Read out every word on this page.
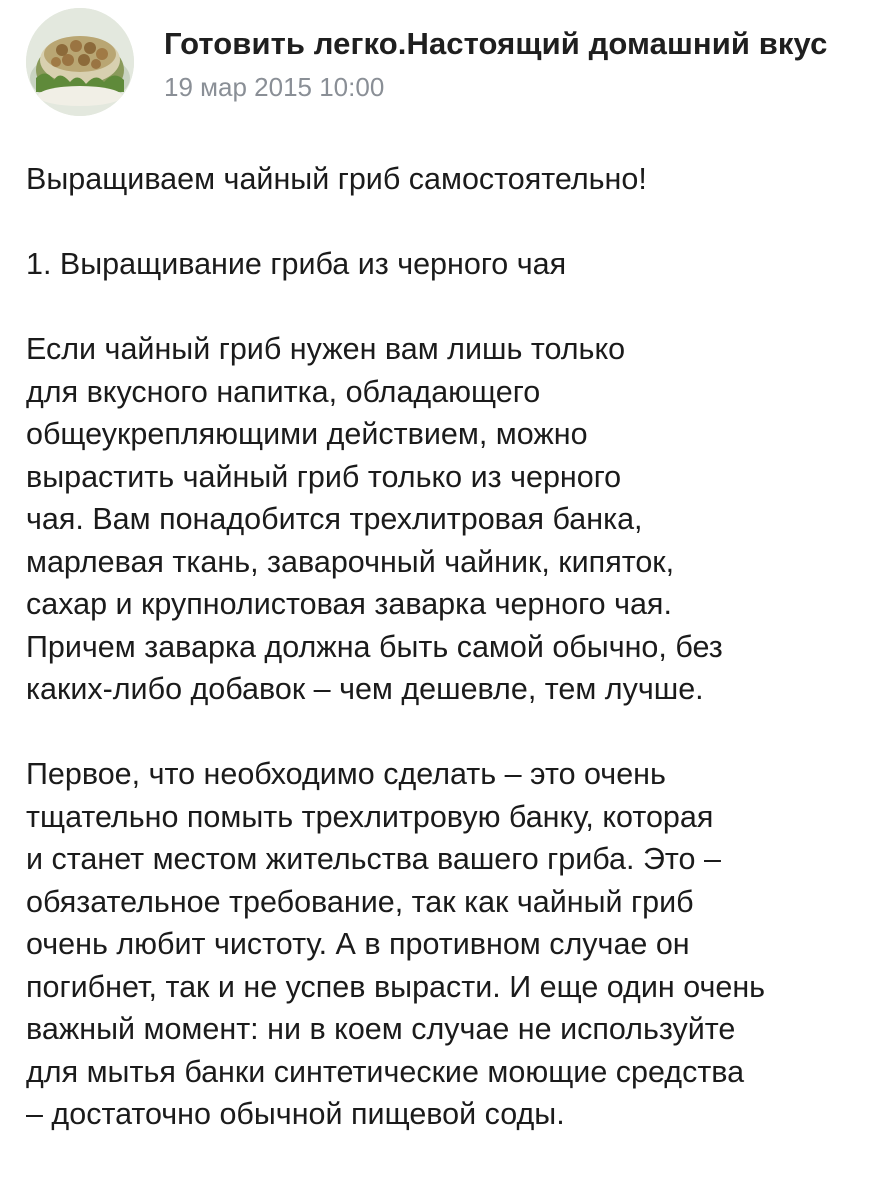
Готовить легко.Настоящий домашний вкус
19 мар 2015 10:00

Выращиваем чайный гриб самостоятельно!

1. Выращивание гриба из черного чая

Если чайный гриб нужен вам лишь только
для вкусного напитка, обладающего
общеукрепляющими действием, можно
вырастить чайный гриб только из черного
чая. Вам понадобится трехлитровая банка,
марлевая ткань, заварочный чайник, кипяток,
сахар и крупнолистовая заварка черного чая.
Причем заварка должна быть самой обычно, без
каких-либо добавок – чем дешевле, тем лучше.

Первое, что необходимо сделать – это очень
тщательно помыть трехлитровую банку, которая
и станет местом жительства вашего гриба. Это –
обязательное требование, так как чайный гриб
очень любит чистоту. А в противном случае он
погибнет, так и не успев вырасти. И еще один очень
важный момент: ни в коем случае не используйте
для мытья банки синтетические моющие средства
– достаточно обычной пищевой соды.
